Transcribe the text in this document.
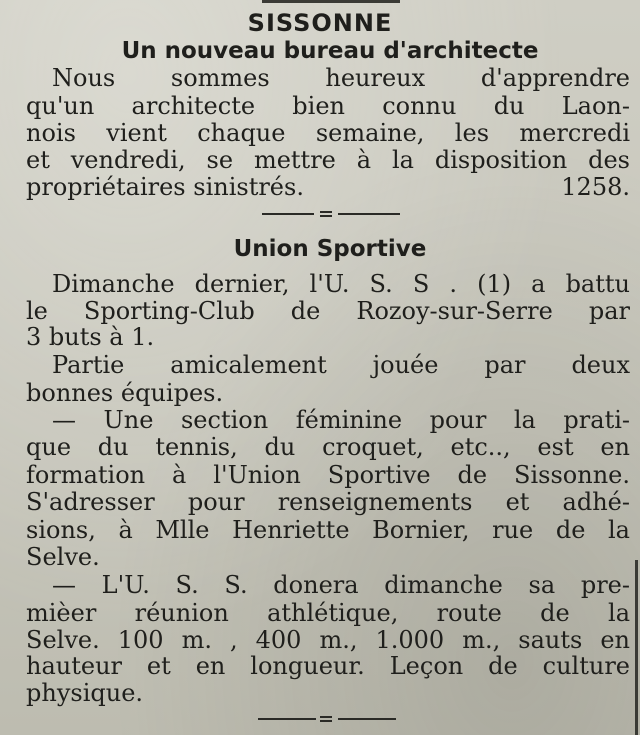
SISSONNE
Un nouveau bureau d'architecte

Nous sommes heureux d'apprendre

qu'un architecte bien connu du Laon-

nois vient chaque semaine, les mercredi

et vendredi, se mettre à la disposition des

propriétaires sinistrés.	1258.

Union Sportive

Dimanche dernier, l'U. S. S . (1) a battu

le Sporting-Club de Rozoy-sur-Serre par

3 buts à 1.

Partie amicalement jouée par deux

bonnes équipes.

— Une section féminine pour la prati-

que du tennis, du croquet, etc.., est en

formation à l'Union Sportive de Sissonne.

S'adresser pour renseignements et adhé-

sions, à Mlle Henriette Bornier, rue de la

Selve.

— L'U. S. S. donera dimanche sa pre-

mièer réunion athlétique, route de la

Selve. 100 m. , 400 m., 1.000 m., sauts en

hauteur et en longueur. Leçon de culture

physique.
